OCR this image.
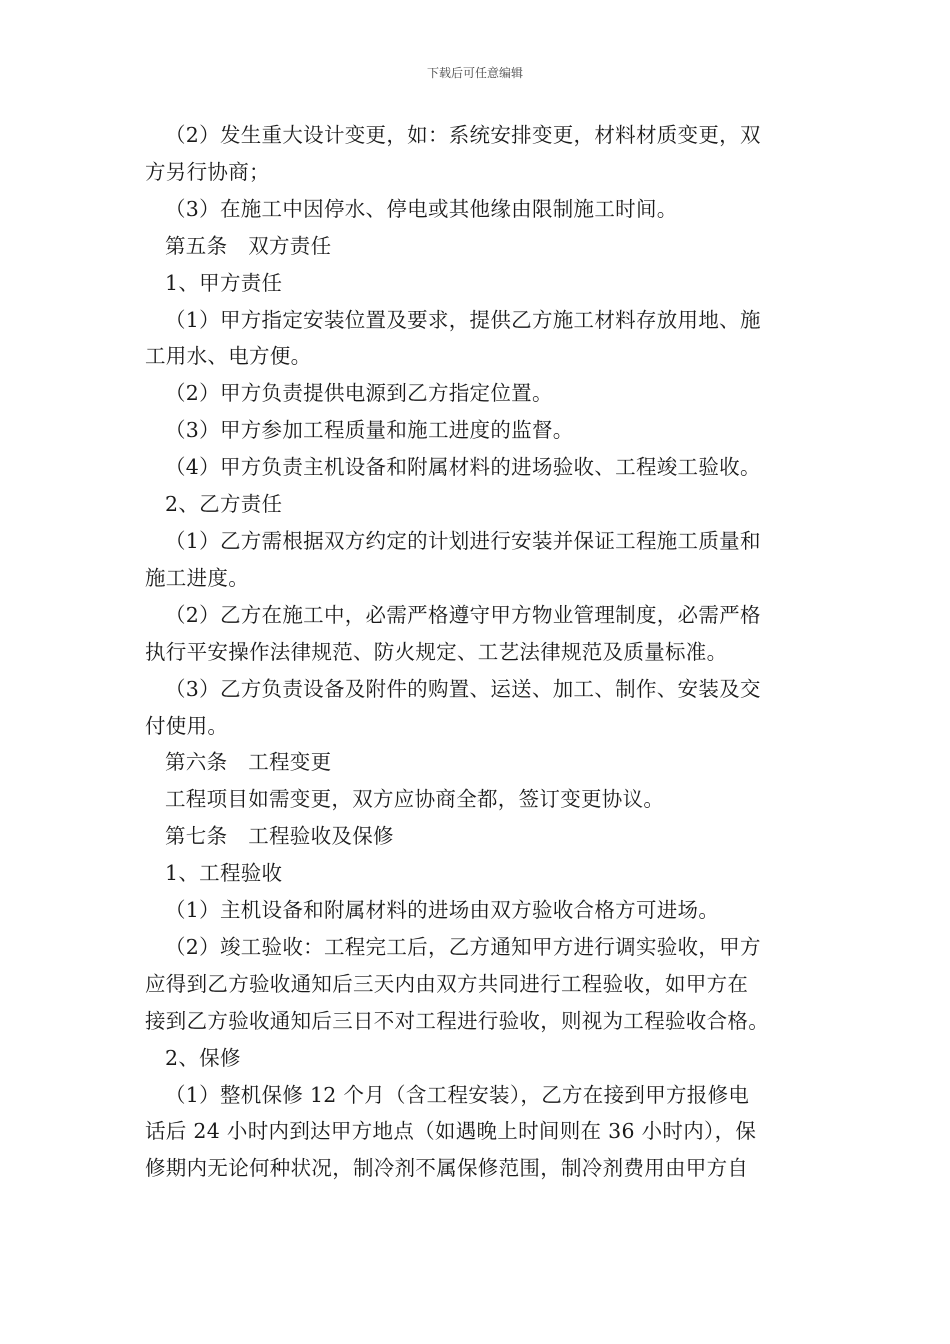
下载后可任意编辑

（2）发生重大设计变更，如：系统安排变更，材料材质变更，双

方另行协商；

（3）在施工中因停水、停电或其他缘由限制施工时间。

第五条　双方责任

1、甲方责任

（1）甲方指定安装位置及要求，提供乙方施工材料存放用地、施

工用水、电方便。

（2）甲方负责提供电源到乙方指定位置。

（3）甲方参加工程质量和施工进度的监督。

（4）甲方负责主机设备和附属材料的进场验收、工程竣工验收。

2、乙方责任

（1）乙方需根据双方约定的计划进行安装并保证工程施工质量和

施工进度。

（2）乙方在施工中，必需严格遵守甲方物业管理制度，必需严格

执行平安操作法律规范、防火规定、工艺法律规范及质量标准。

（3）乙方负责设备及附件的购置、运送、加工、制作、安装及交

付使用。

第六条　工程变更

工程项目如需变更，双方应协商全都，签订变更协议。

第七条　工程验收及保修

1、工程验收

（1）主机设备和附属材料的进场由双方验收合格方可进场。

（2）竣工验收：工程完工后，乙方通知甲方进行调实验收，甲方

应得到乙方验收通知后三天内由双方共同进行工程验收，如甲方在

接到乙方验收通知后三日不对工程进行验收，则视为工程验收合格。

2、保修

（1）整机保修 12 个月（含工程安装），乙方在接到甲方报修电

话后 24 小时内到达甲方地点（如遇晚上时间则在 36 小时内），保

修期内无论何种状况，制冷剂不属保修范围，制冷剂费用由甲方自
